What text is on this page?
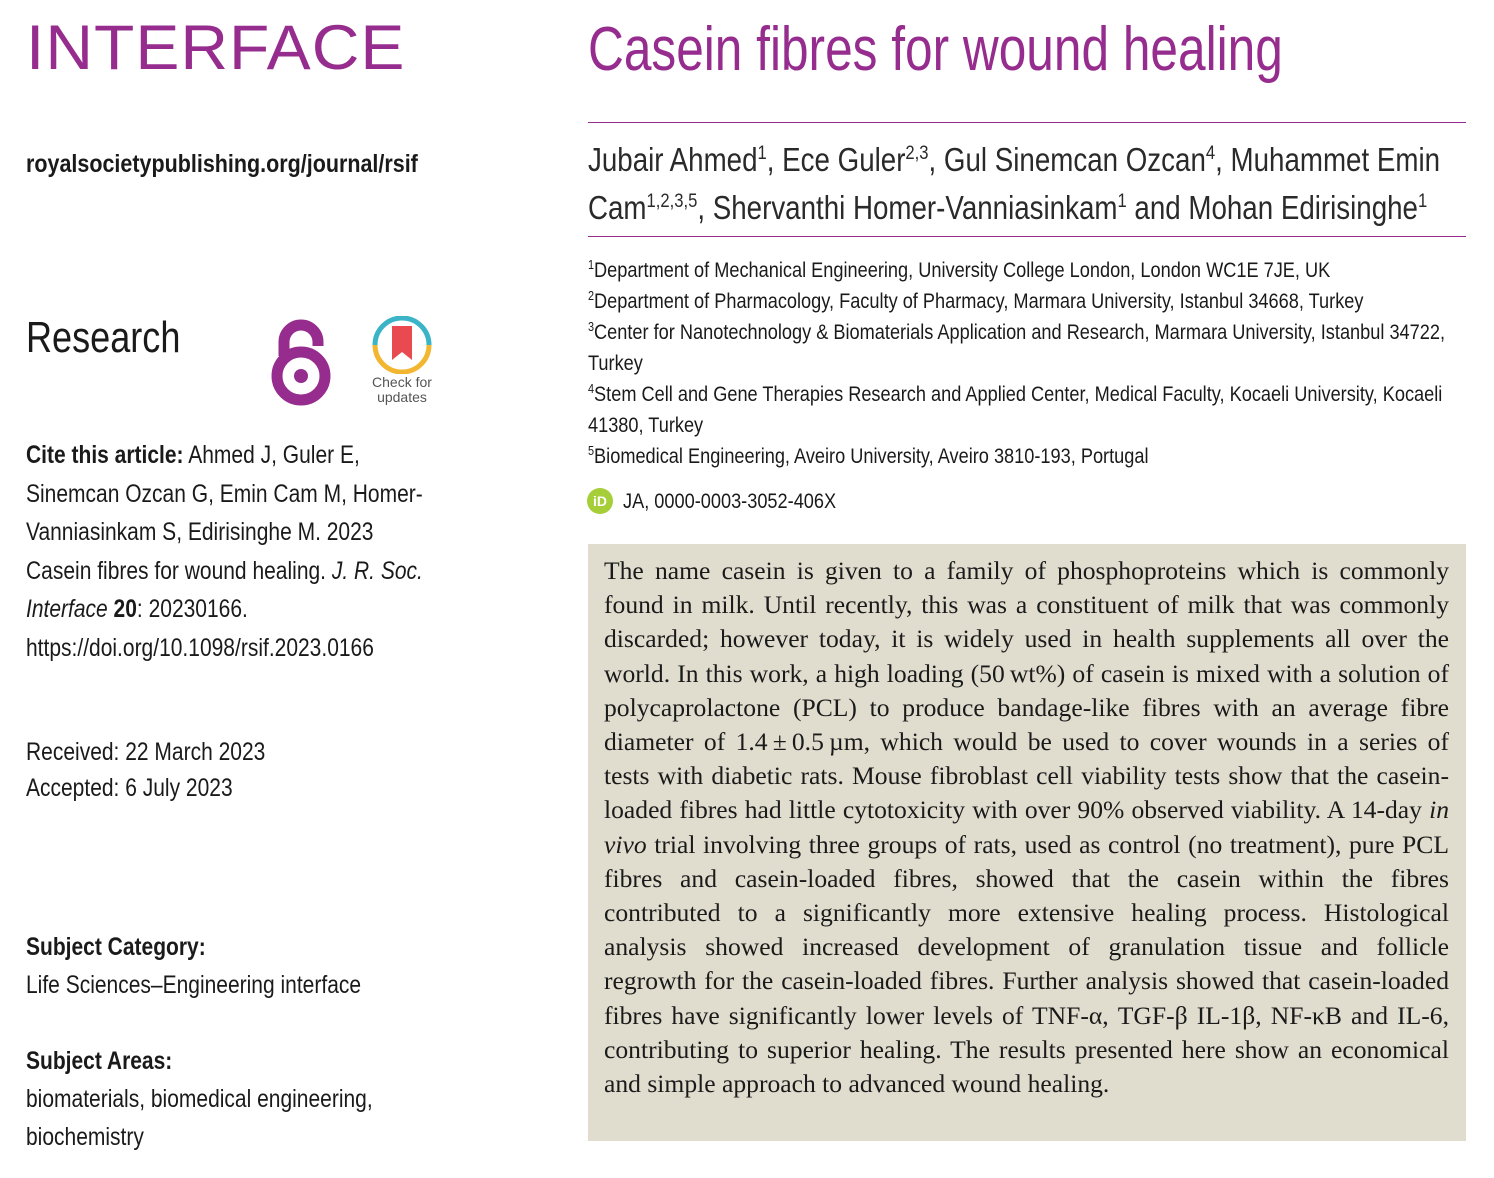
INTERFACE
royalsocietypublishing.org/journal/rsif
Research
Check for
updates
Cite this article: Ahmed J, Guler E, Sinemcan Ozcan G, Emin Cam M, Homer-Vanniasinkam S, Edirisinghe M. 2023 Casein fibres for wound healing. J. R. Soc. Interface 20: 20230166.
https://doi.org/10.1098/rsif.2023.0166
Received: 22 March 2023
Accepted: 6 July 2023
Subject Category:
Life Sciences–Engineering interface
Subject Areas:
biomaterials, biomedical engineering,
biochemistry
Casein fibres for wound healing
Jubair Ahmed$^1$, Ece Guler$^{2,3}$, Gul Sinemcan Ozcan$^4$, Muhammet Emin Cam$^{1,2,3,5}$, Shervanthi Homer-Vanniasinkam$^1$ and Mohan Edirisinghe$^1$
$^1$Department of Mechanical Engineering, University College London, London WC1E 7JE, UK
$^2$Department of Pharmacology, Faculty of Pharmacy, Marmara University, Istanbul 34668, Turkey
$^3$Center for Nanotechnology & Biomaterials Application and Research, Marmara University, Istanbul 34722, Turkey
$^4$Stem Cell and Gene Therapies Research and Applied Center, Medical Faculty, Kocaeli University, Kocaeli 41380, Turkey
$^5$Biomedical Engineering, Aveiro University, Aveiro 3810-193, Portugal
iD JA, 0000-0003-3052-406X
The name casein is given to a family of phosphoproteins which is commonly found in milk. Until recently, this was a constituent of milk that was commonly discarded; however today, it is widely used in health supplements all over the world. In this work, a high loading (50 wt%) of casein is mixed with a solution of polycaprolactone (PCL) to produce bandage-like fibres with an average fibre diameter of 1.4 ± 0.5 µm, which would be used to cover wounds in a series of tests with diabetic rats. Mouse fibroblast cell viability tests show that the casein-loaded fibres had little cytotoxicity with over 90% observed viability. A 14-day in vivo trial involving three groups of rats, used as control (no treatment), pure PCL fibres and casein-loaded fibres, showed that the casein within the fibres contributed to a significantly more extensive healing process. Histological analysis showed increased development of granulation tissue and follicle regrowth for the casein-loaded fibres. Further analysis showed that casein-loaded fibres have significantly lower levels of TNF-α, TGF-β IL-1β, NF-κB and IL-6, contributing to superior healing. The results presented here show an economical and simple approach to advanced wound healing.
